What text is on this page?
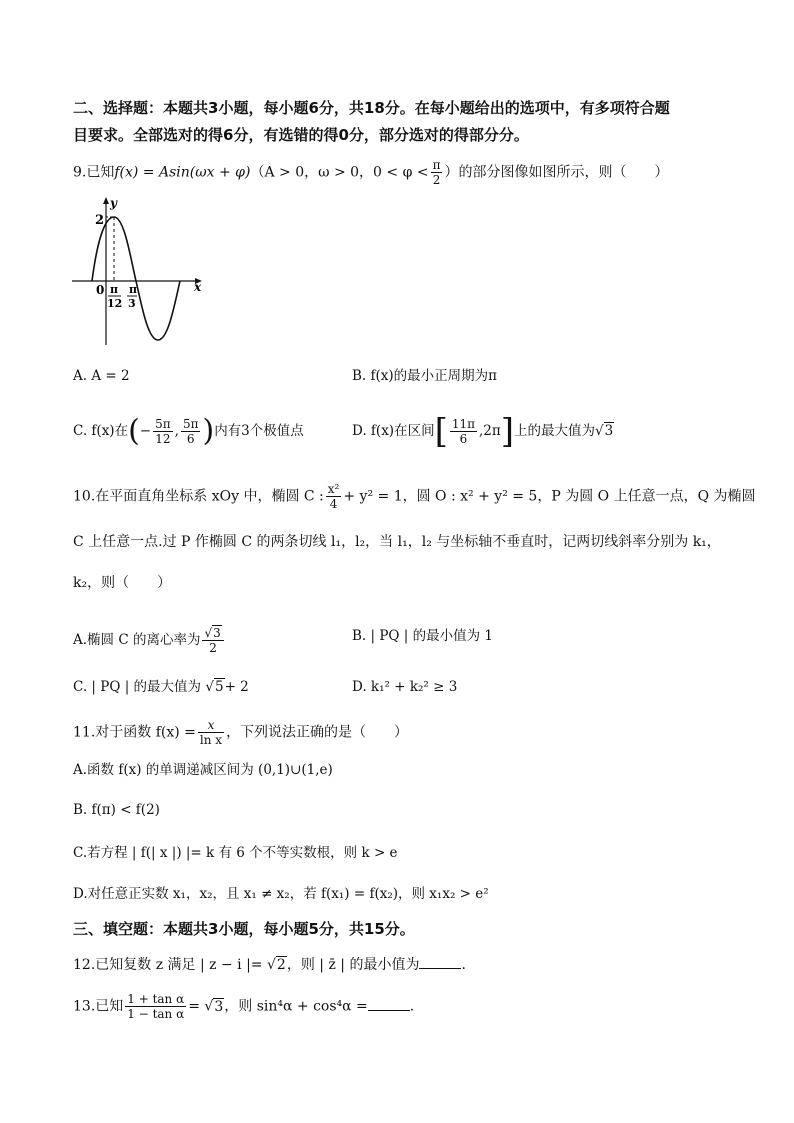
二、选择题：本题共3小题，每小题6分，共18分。在每小题给出的选项中，有多项符合题
目要求。全部选对的得6分，有选错的得0分，部分选对的得部分分。
9.已知f(x) = Asin(ωx + φ)（A > 0，ω > 0，$0 < \varphi < \frac{\pi}{2}$ ）的部分图像如图所示，则（　　）
y
x
2
0 π
12
π
3
A. A = 2	B. f(x)的最小正周期为π
C. f(x)在(− $\frac{5\pi}{12}$ , $\frac{5\pi}{6}$ )内有3个极值点	D. f(x)在区间[ $\frac{11\pi}{6} ,2\pi$]上的最大值为√3
10.在平面直角坐标系 xOy 中，椭圆 C : $\frac{\text{x²}}{4} + y^2 = 1$，圆 O : x² + y² = 5，P 为圆 O 上任意一点，Q 为椭圆
C 上任意一点.过 P 作椭圆 C 的两条切线 l₁，l₂，当 l₁，l₂ 与坐标轴不垂直时，记两切线斜率分别为 k₁，
k₂，则（　　）
A.椭圆 C 的离心率为 $\frac{√3}{2}$	B. | PQ | 的最小值为 1
C. | PQ | 的最大值为 √5+ 2	D. k₁² + k₂² ≥ 3
11.对于函数 $f(x) = \frac{x}{\text{ln x}}$ ，下列说法正确的是（　　）
A.函数 f(x) 的单调递减区间为 (0,1)∪(1,e)
B. f(π) < f(2)
C.若方程 | f(| x |) |= k 有 6 个不等实数根，则 k > e
D.对任意正实数 x₁，x₂，且 x₁ ≠ x₂，若 f(x₁) = f(x₂)，则 x₁x₂ > e²
三、填空题：本题共3小题，每小题5分，共15分。
12.已知复数 z 满足 | z − i |= √2，则 | z̄ | 的最小值为	.
13.已知 $\frac{\text{1 + tan α}}{\text{1 − tan α}} = √3$，则 sin⁴α + cos⁴α =	.
